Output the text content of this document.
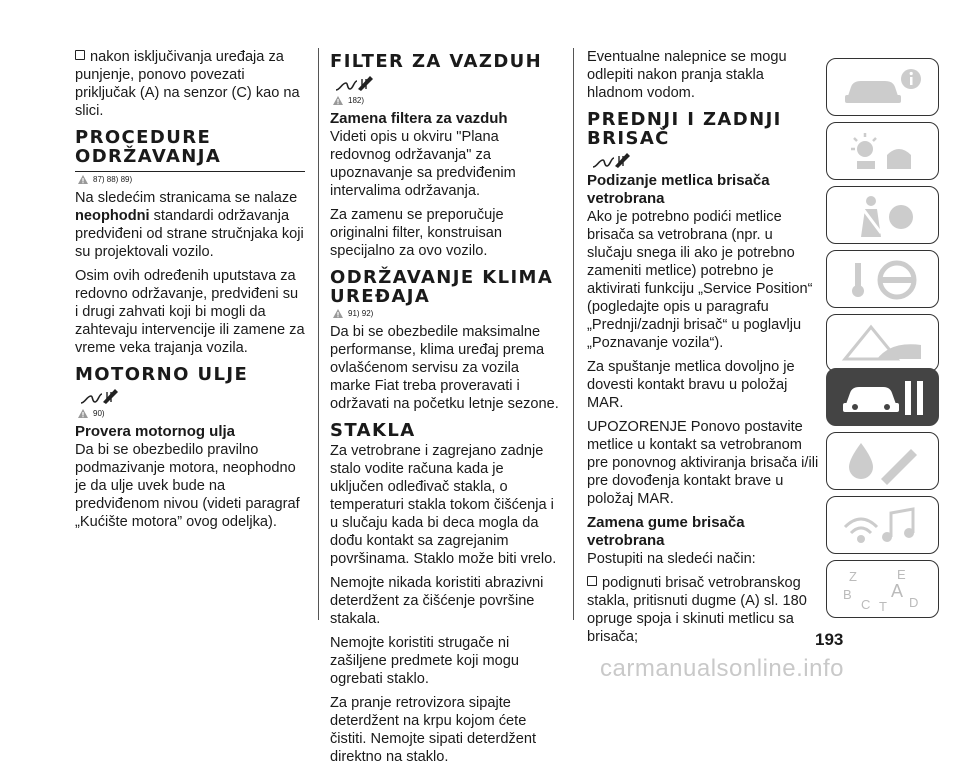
nakon isključivanja uređaja za punjenje, ponovo povezati priključak (A) na senzor (C) kao na slici.

PROCEDURE ODRŽAVANJA
87) 88) 89)

Na sledećim stranicama se nalaze neophodni standardi održavanja predviđeni od strane stručnjaka koji su projektovali vozilo.

Osim ovih određenih uputstava za redovno održavanje, predviđeni su i drugi zahvati koji bi mogli da zahtevaju intervencije ili zamene za vreme veka trajanja vozila.

MOTORNO ULJE
90)
Provera motornog ulja

Da bi se obezbedilo pravilno podmazivanje motora, neophodno je da ulje uvek bude na predviđenom nivou (videti paragraf „Kućište motora” ovog odeljka).

FILTER ZA VAZDUH
182)
Zamena filtera za vazduh

Videti opis u okviru "Plana redovnog održavanja" za upoznavanje sa predviđenim intervalima održavanja.

Za zamenu se preporučuje originalni filter, konstruisan specijalno za ovo vozilo.

ODRŽAVANJE KLIMA UREĐAJA
91) 92)

Da bi se obezbedile maksimalne performanse, klima uređaj prema ovlašćenom servisu za vozila marke Fiat treba proveravati i održavati na početku letnje sezone.

STAKLA

Za vetrobrane i zagrejano zadnje stalo vodite računa kada je uključen odleđivač stakla, o temperaturi stakla tokom čišćenja i u slučaju kada bi deca mogla da dođu kontakt sa zagrejanim površinama. Staklo može biti vrelo.

Nemojte nikada koristiti abrazivni deterdžent za čišćenje površine stakala.

Nemojte koristiti strugače ni zašiljene predmete koji mogu ogrebati staklo.

Za pranje retrovizora sipajte deterdžent na krpu kojom ćete čistiti. Nemojte sipati deterdžent direktno na staklo.

Eventualne nalepnice se mogu odlepiti nakon pranja stakla hladnom vodom.

PREDNJI I ZADNJI BRISAČ
Podizanje metlica brisača vetrobrana

Ako je potrebno podići metlice brisača sa vetrobrana (npr. u slučaju snega ili ako je potrebno zameniti metlice) potrebno je aktivirati funkciju „Service Position“ (pogledajte opis u paragrafu „Prednji/zadnji brisač“ u poglavlju „Poznavanje vozila“).

Za spuštanje metlica dovoljno je dovesti kontakt bravu u položaj MAR.

UPOZORENJE Ponovo postavite metlice u kontakt sa vetrobranom pre ponovnog aktiviranja brisača i/ili pre dovođenja kontakt brave u položaj MAR.

Zamena gume brisača vetrobrana

Postupiti na sledeći način:

podignuti brisač vetrobranskog stakla, pritisnuti dugme (A) sl. 180 opruge spoja i skinuti metlicu sa brisača;

Z	E
B A
C	D
T
193
carmanualsonline.info
